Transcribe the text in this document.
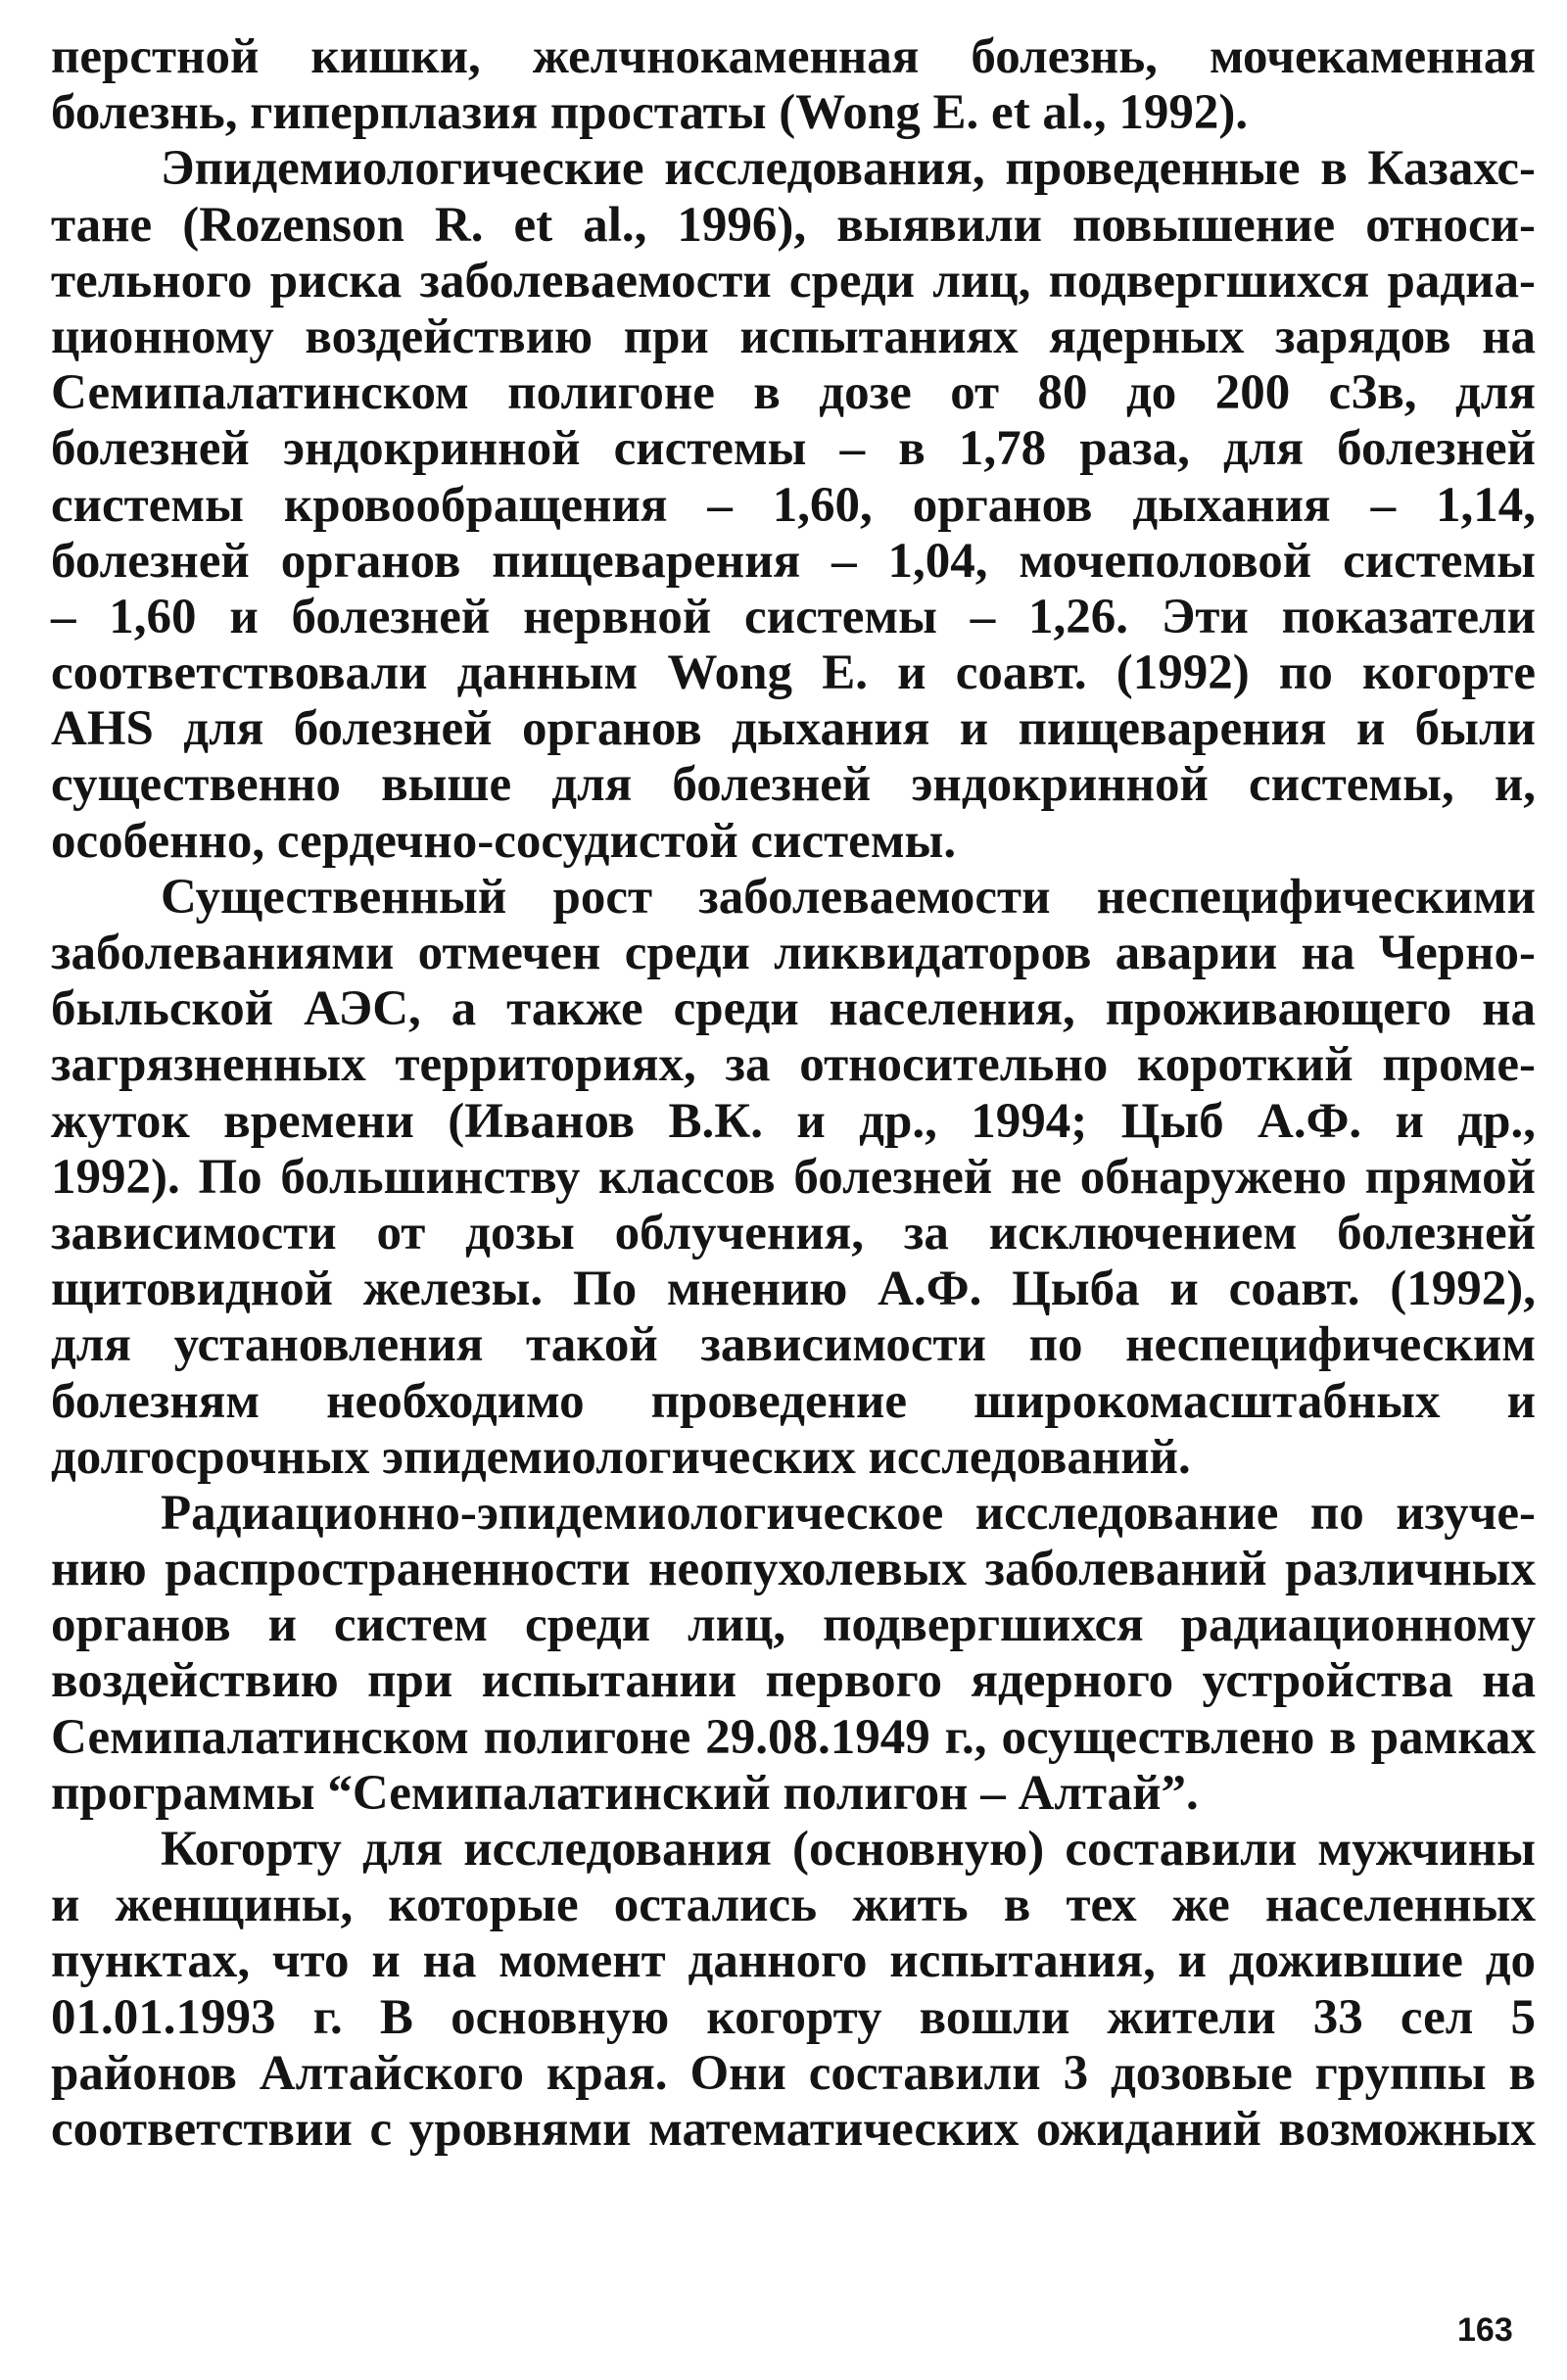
перстной кишки, желчнокаменная болезнь, мочекаменная
болезнь, гиперплазия простаты (Wong E. et al., 1992).
Эпидемиологические исследования, проведенные в Казахс-
тане (Rozenson R. et al., 1996), выявили повышение относи-
тельного риска заболеваемости среди лиц, подвергшихся радиа-
ционному воздействию при испытаниях ядерных зарядов на
Семипалатинском полигоне в дозе от 80 до 200 сЗв, для
болезней эндокринной системы – в 1,78 раза, для болезней
системы кровообращения – 1,60, органов дыхания – 1,14,
болезней органов пищеварения – 1,04, мочеполовой системы
– 1,60 и болезней нервной системы – 1,26. Эти показатели
соответствовали данным Wong E. и соавт. (1992) по когорте
AHS для болезней органов дыхания и пищеварения и были
существенно выше для болезней эндокринной системы, и,
особенно, сердечно-сосудистой системы.
Существенный рост заболеваемости неспецифическими
заболеваниями отмечен среди ликвидаторов аварии на Черно-
быльской АЭС, а также среди населения, проживающего на
загрязненных территориях, за относительно короткий проме-
жуток времени (Иванов В.К. и др., 1994; Цыб А.Ф. и др.,
1992). По большинству классов болезней не обнаружено прямой
зависимости от дозы облучения, за исключением болезней
щитовидной железы. По мнению А.Ф. Цыба и соавт. (1992),
для установления такой зависимости по неспецифическим
болезням необходимо проведение широкомасштабных и
долгосрочных эпидемиологических исследований.
Радиационно-эпидемиологическое исследование по изуче-
нию распространенности неопухолевых заболеваний различных
органов и систем среди лиц, подвергшихся радиационному
воздействию при испытании первого ядерного устройства на
Семипалатинском полигоне 29.08.1949 г., осуществлено в рамках
программы “Семипалатинский полигон – Алтай”.
Когорту для исследования (основную) составили мужчины
и женщины, которые остались жить в тех же населенных
пунктах, что и на момент данного испытания, и дожившие до
01.01.1993 г. В основную когорту вошли жители 33 сел 5
районов Алтайского края. Они составили 3 дозовые группы в
соответствии с уровнями математических ожиданий возможных
163
